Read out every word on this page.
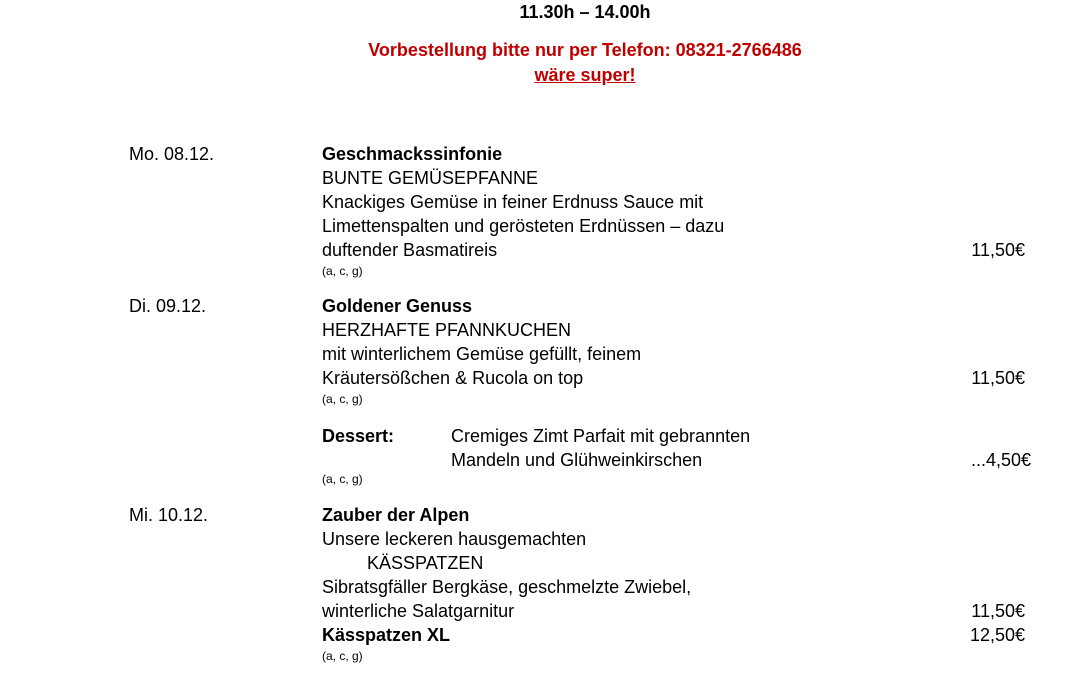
11.30h – 14.00h
Vorbestellung bitte nur per Telefon: 08321-2766486
wäre super!
Mo. 08.12.	Geschmackssinfonie
BUNTE GEMÜSEPFANNE
Knackiges Gemüse in feiner Erdnuss Sauce mit
Limettenspalten und gerösteten Erdnüssen – dazu
duftender Basmatireis	11,50€
(a, c, g)
Di. 09.12.	Goldener Genuss
HERZHAFTE PFANNKUCHEN
mit winterlichem Gemüse gefüllt, feinem
Kräutersößchen & Rucola on top	11,50€
(a, c, g)
Dessert:	Cremiges Zimt Parfait mit gebrannten
Mandeln und Glühweinkirschen	...4,50€
(a, c, g)
Mi. 10.12.	Zauber der Alpen
Unsere leckeren hausgemachten
KÄSSPATZEN
Sibratsgfäller Bergkäse, geschmelzte Zwiebel,
winterliche Salatgarnitur	11,50€
Kässpatzen XL	12,50€
(a, c, g)
